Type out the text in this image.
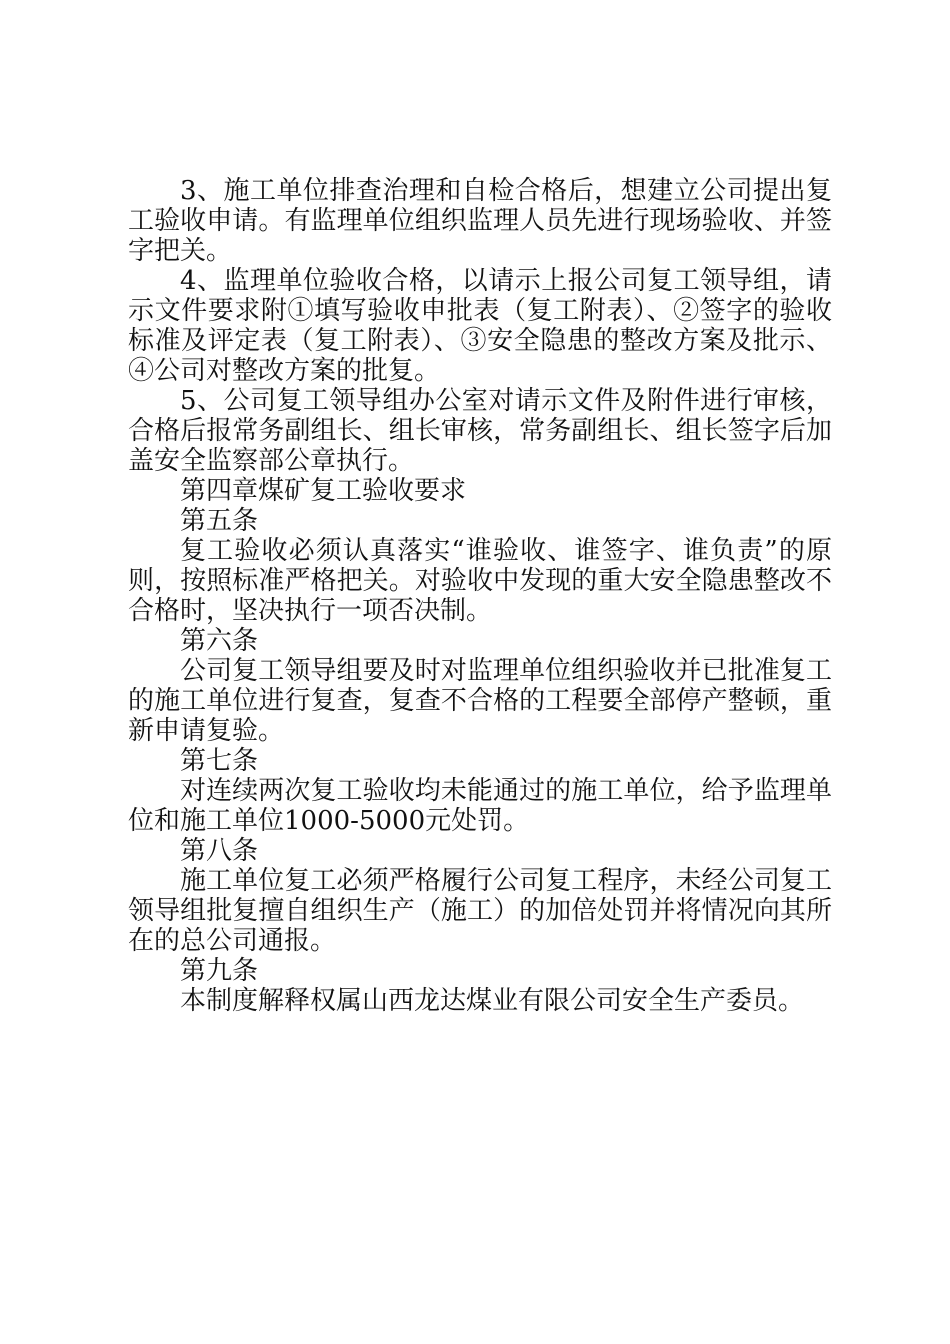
3、施工单位排查治理和自检合格后，想建立公司提出复工验收申请。有监理单位组织监理人员先进行现场验收、并签字把关。

4、监理单位验收合格，以请示上报公司复工领导组，请示文件要求附①填写验收申批表（复工附表）、②签字的验收标准及评定表（复工附表）、③安全隐患的整改方案及批示、④公司对整改方案的批复。

5、公司复工领导组办公室对请示文件及附件进行审核，合格后报常务副组长、组长审核，常务副组长、组长签字后加盖安全监察部公章执行。

第四章煤矿复工验收要求

第五条

复工验收必须认真落实“谁验收、谁签字、谁负责”的原则，按照标准严格把关。对验收中发现的重大安全隐患整改不合格时，坚决执行一项否决制。

第六条

公司复工领导组要及时对监理单位组织验收并已批准复工的施工单位进行复查，复查不合格的工程要全部停产整顿，重新申请复验。

第七条

对连续两次复工验收均未能通过的施工单位，给予监理单位和施工单位1000-5000元处罚。

第八条

施工单位复工必须严格履行公司复工程序，未经公司复工领导组批复擅自组织生产（施工）的加倍处罚并将情况向其所在的总公司通报。

第九条

本制度解释权属山西龙达煤业有限公司安全生产委员。
